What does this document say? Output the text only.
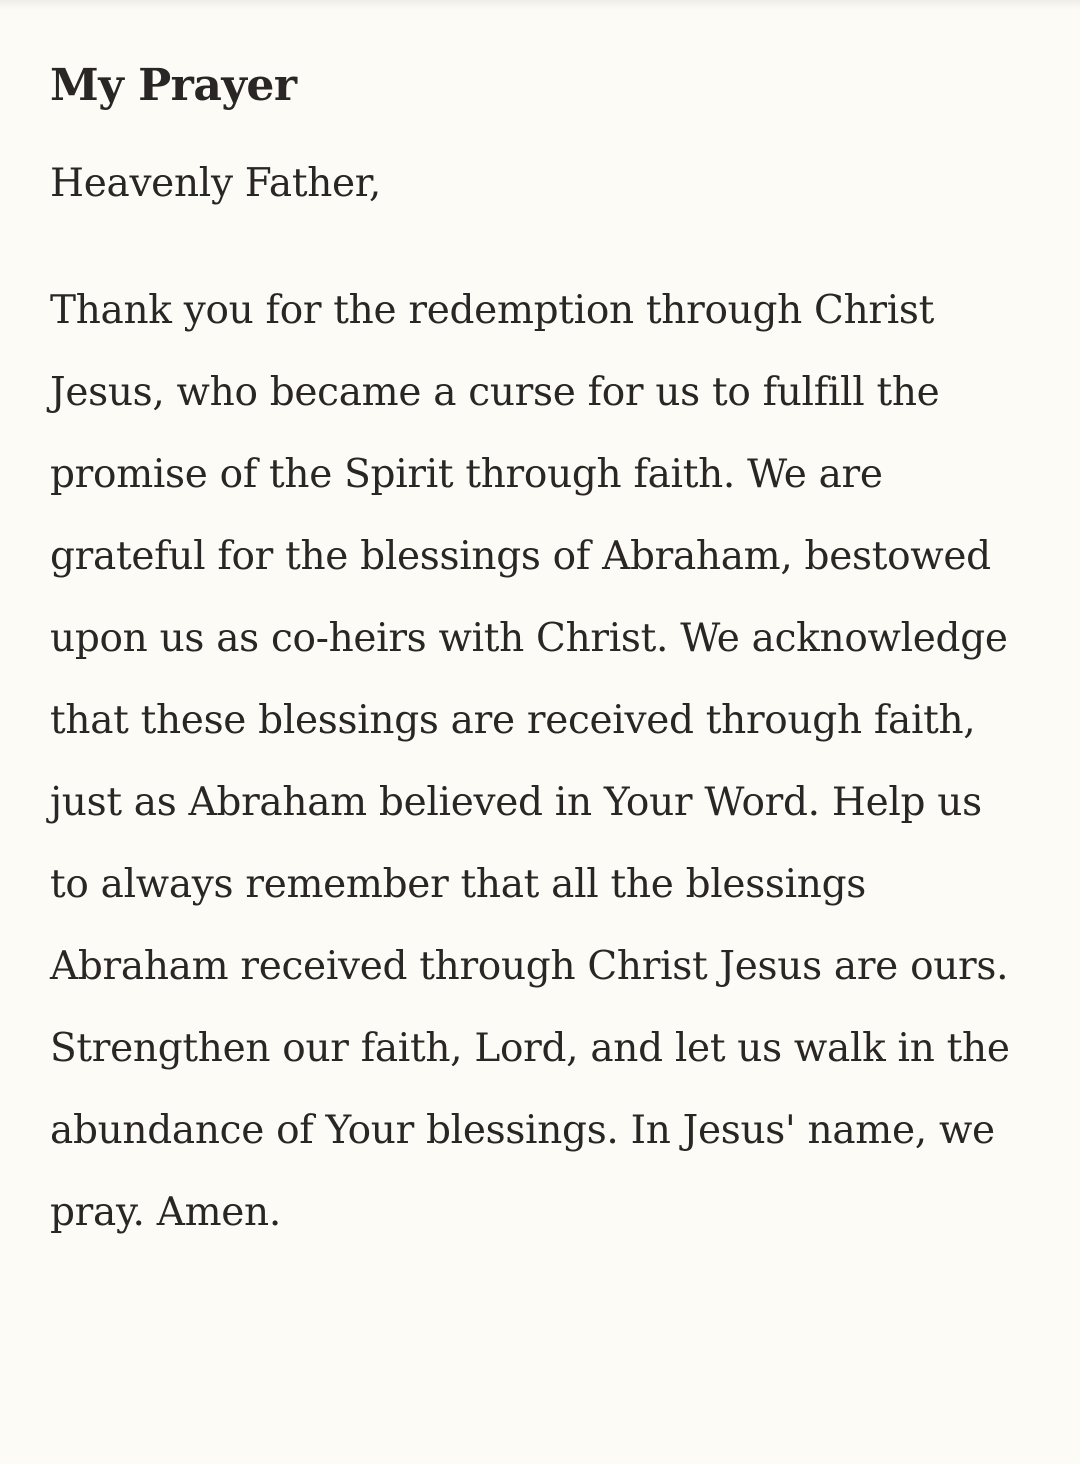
My Prayer

Heavenly Father,

Thank you for the redemption through Christ
Jesus, who became a curse for us to fulfill the
promise of the Spirit through faith. We are
grateful for the blessings of Abraham, bestowed
upon us as co-heirs with Christ. We acknowledge
that these blessings are received through faith,
just as Abraham believed in Your Word. Help us
to always remember that all the blessings
Abraham received through Christ Jesus are ours.
Strengthen our faith, Lord, and let us walk in the
abundance of Your blessings. In Jesus' name, we
pray. Amen.
